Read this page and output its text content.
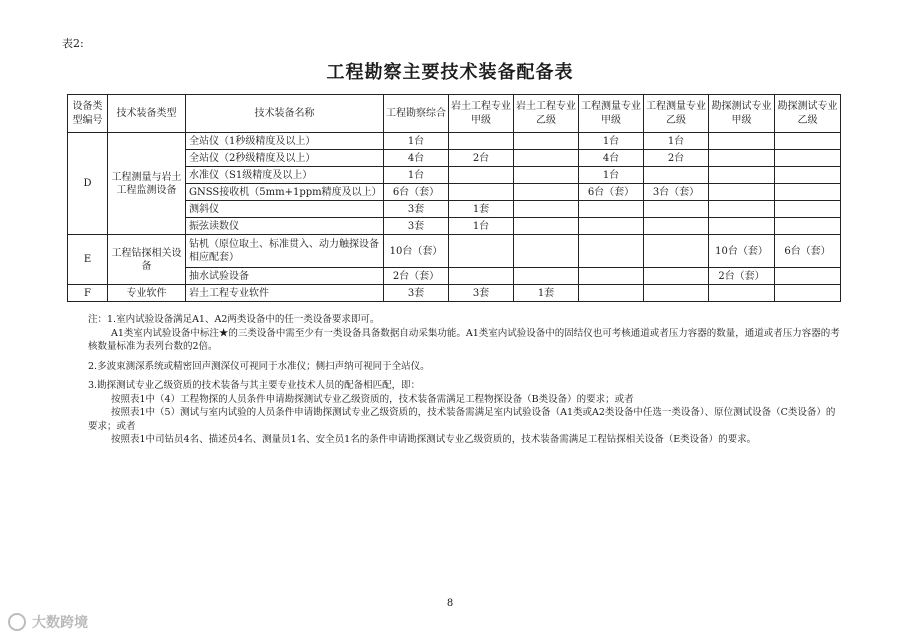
表2:
工程勘察主要技术装备配备表
设备类型编号	技术装备类型	技术装备名称	工程勘察综合	岩土工程专业甲级	岩土工程专业乙级	工程测量专业甲级	工程测量专业乙级	勘探测试专业甲级	勘探测试专业乙级
D	工程测量与岩土工程监测设备	全站仪（1秒级精度及以上）	1台			1台	1台		
		全站仪（2秒级精度及以上）	4台	2台		4台	2台		
		水准仪（S1级精度及以上）	1台			1台			
		GNSS接收机（5mm+1ppm精度及以上）	6台（套）			6台（套）	3台（套）		
		测斜仪	3套	1套					
		振弦读数仪	3套	1台					
E	工程钻探相关设备	钻机（原位取土、标准贯入、动力触探设备相应配套）	10台（套）					10台（套）	6台（套）
		抽水试验设备	2台（套）					2台（套）	
F	专业软件	岩土工程专业软件	3套	3套	1套				

注：1.室内试验设备满足A1、A2两类设备中的任一类设备要求即可。

A1类室内试验设备中标注★的三类设备中需至少有一类设备具备数据自动采集功能。A1类室内试验设备中的固结仪也可考核通道或者压力容器的数量，通道或者压力容器的考核数量标准为表列台数的2倍。

2.多波束测深系统或精密回声测深仪可视同于水准仪；侧扫声纳可视同于全站仪。

3.勘探测试专业乙级资质的技术装备与其主要专业技术人员的配备相匹配，即：

按照表1中（4）工程物探的人员条件申请勘探测试专业乙级资质的，技术装备需满足工程物探设备（B类设备）的要求；或者

按照表1中（5）测试与室内试验的人员条件申请勘探测试专业乙级资质的，技术装备需满足室内试验设备（A1类或A2类设备中任选一类设备）、原位测试设备（C类设备）的要求；或者

按照表1中司钻员4名、描述员4名、测量员1名、安全员1名的条件申请勘探测试专业乙级资质的，技术装备需满足工程钻探相关设备（E类设备）的要求。

8
大数跨境
